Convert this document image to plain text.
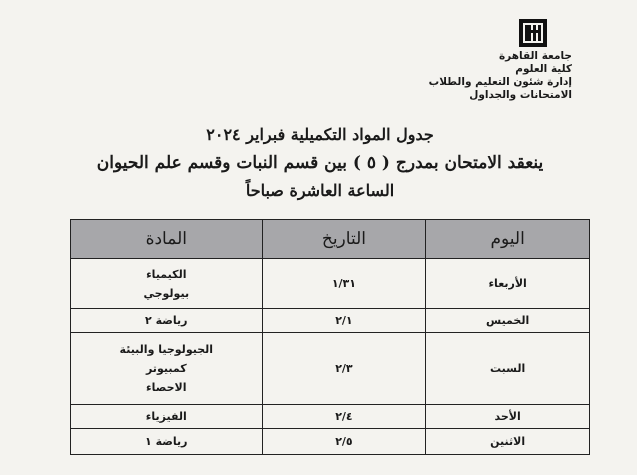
جامعة القاهرة
كلية العلوم
إدارة شئون التعليم والطلاب
الامتحانات والجداول
جدول المواد التكميلية فبراير ٢٠٢٤
ينعقد الامتحان بمدرج ( ٥ ) بين قسم النبات وقسم علم الحيوان
الساعة العاشرة صباحاً
اليوم	التاريخ	المادة
الأربعاء	١/٣١	الكيمياء
بيولوجي

الخميس	٢/١	رياضة ٢

السبت	٢/٣	الجيولوجيا والبيئة
كمبيوتر
الاحصاء

الأحد	٢/٤	الفيزياء

الاثنين	٢/٥	رياضة ١
